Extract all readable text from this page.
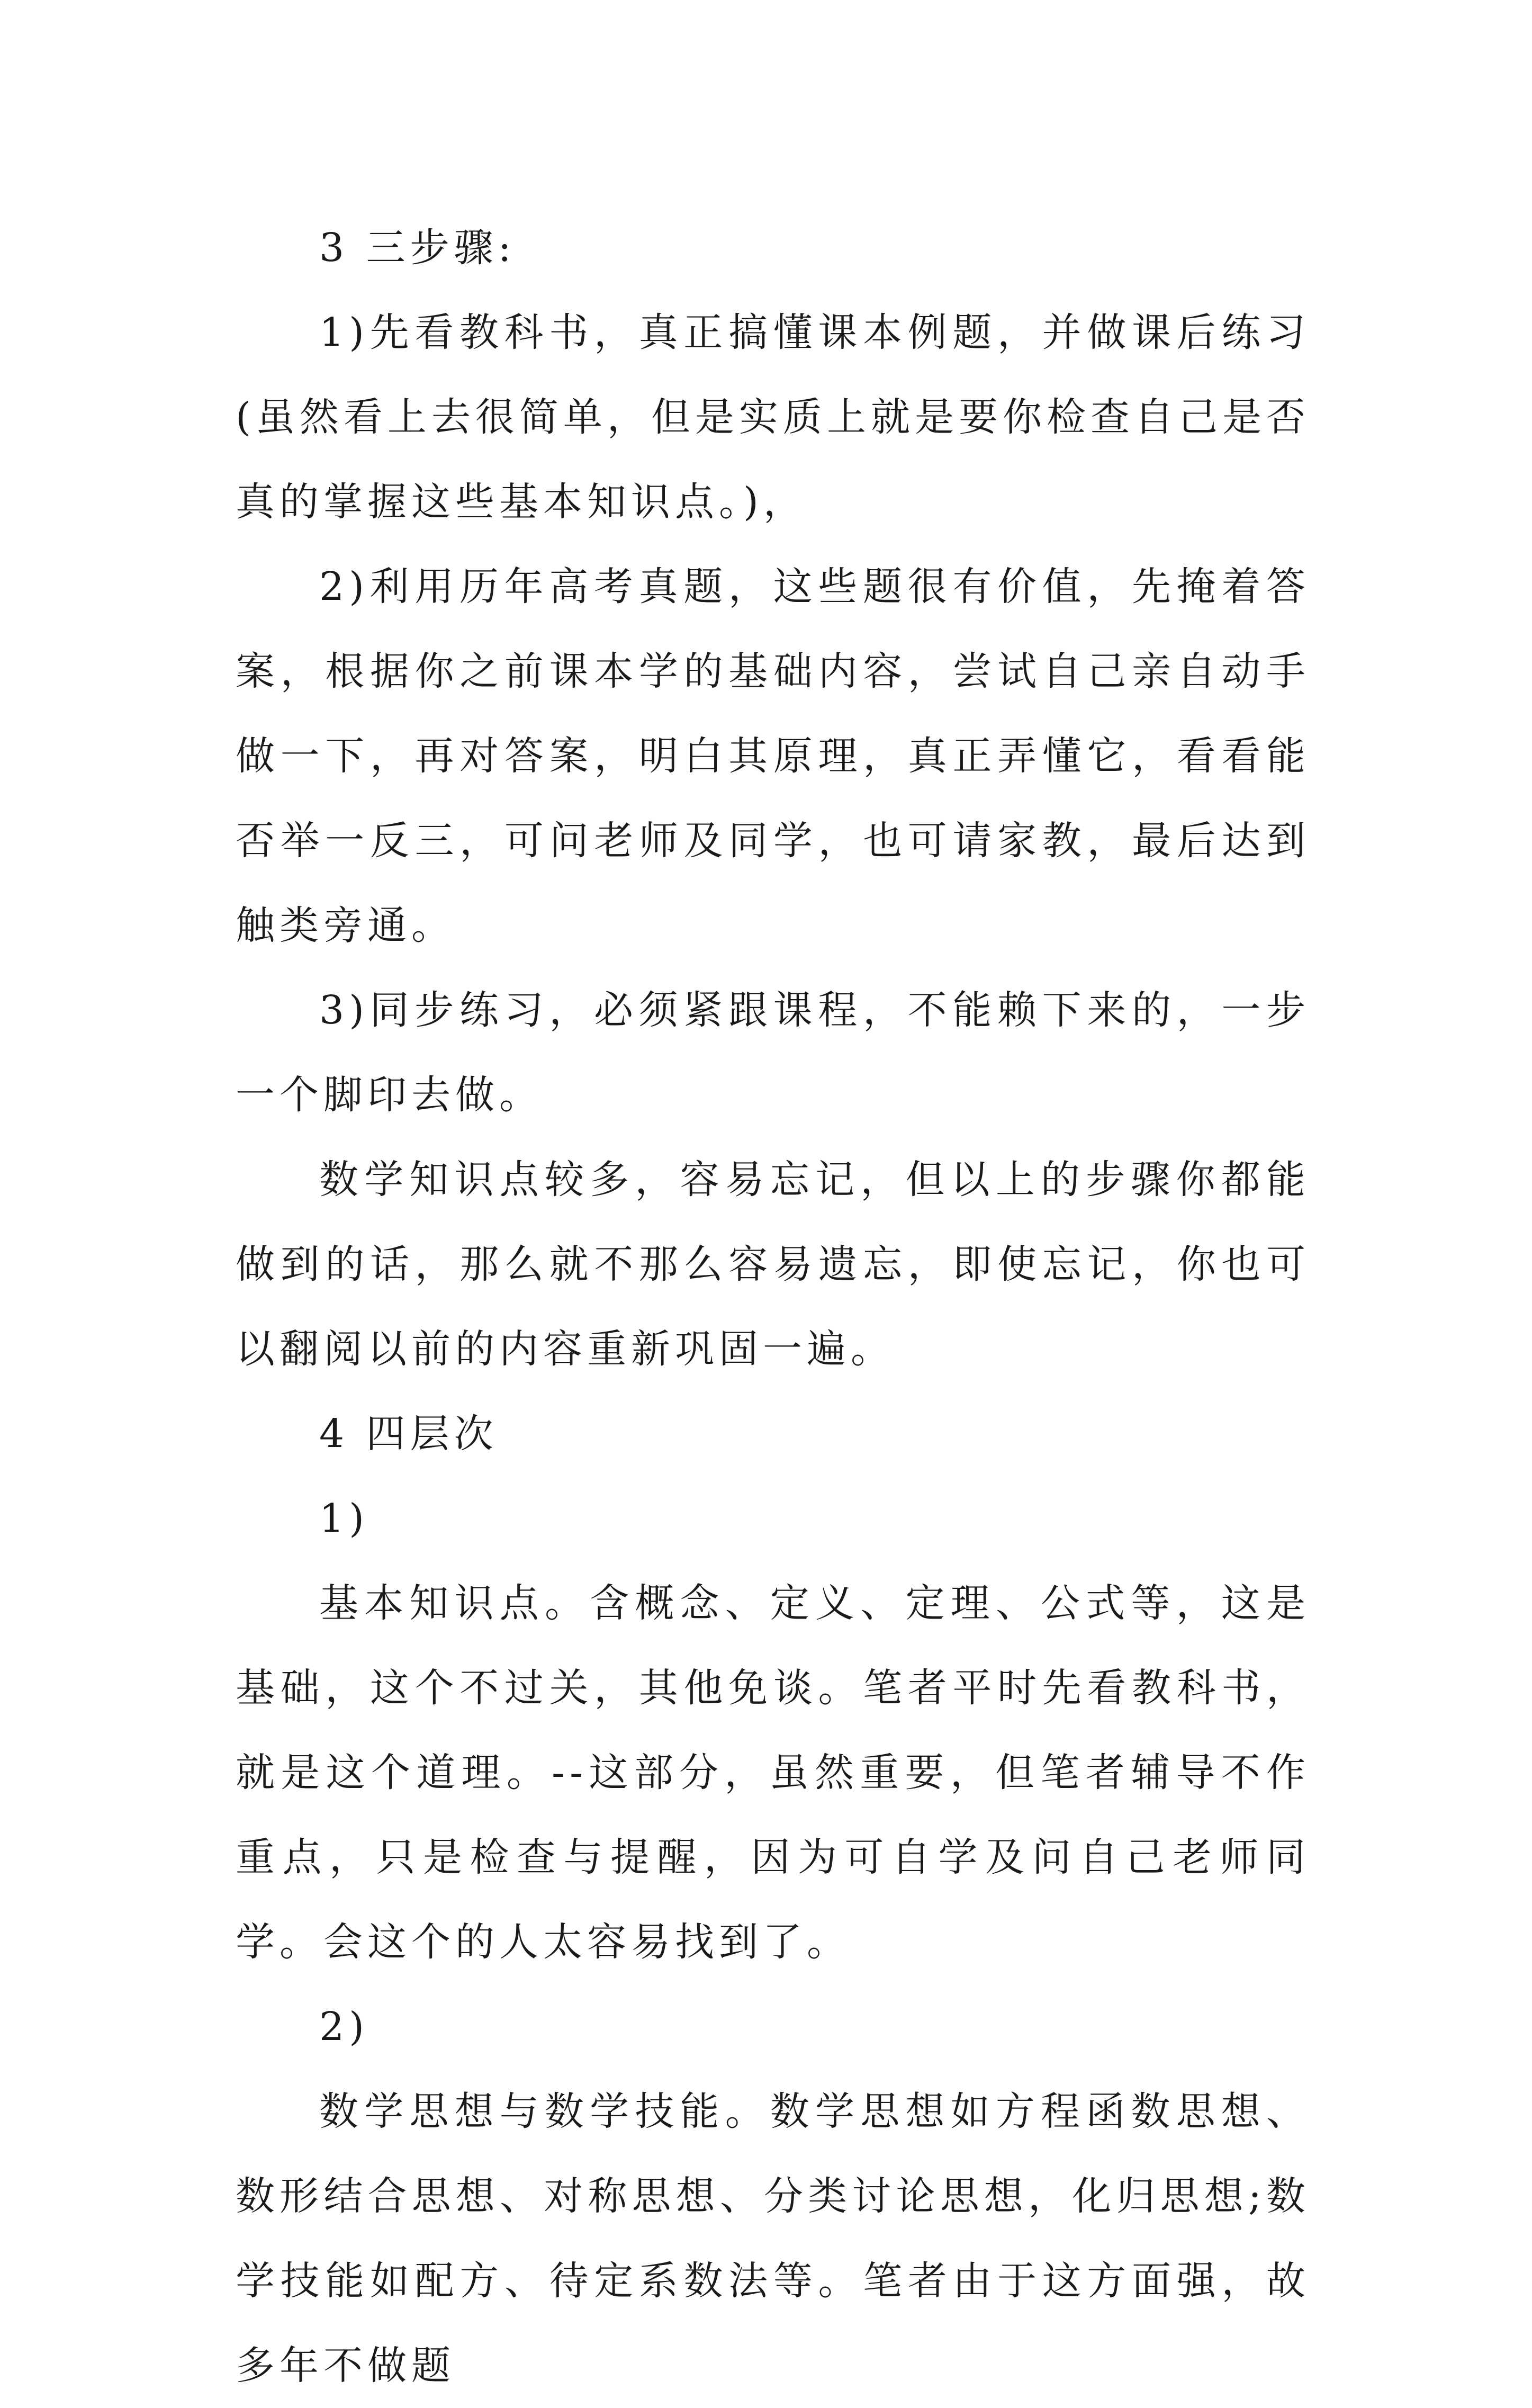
3 三步骤:

1)先看教科书，真正搞懂课本例题，并做课后练习(虽然看上去很简单，但是实质上就是要你检查自己是否真的掌握这些基本知识点。)，

2)利用历年高考真题，这些题很有价值，先掩着答案，根据你之前课本学的基础内容，尝试自己亲自动手做一下，再对答案，明白其原理，真正弄懂它，看看能否举一反三，可问老师及同学，也可请家教，最后达到触类旁通。

3)同步练习，必须紧跟课程，不能赖下来的，一步一个脚印去做。

数学知识点较多，容易忘记，但以上的步骤你都能做到的话，那么就不那么容易遗忘，即使忘记，你也可以翻阅以前的内容重新巩固一遍。

4 四层次

1)

基本知识点。含概念、定义、定理、公式等，这是基础，这个不过关，其他免谈。笔者平时先看教科书，就是这个道理。--这部分，虽然重要，但笔者辅导不作重点，只是检查与提醒，因为可自学及问自己老师同学。会这个的人太容易找到了。

2)

数学思想与数学技能。数学思想如方程函数思想、数形结合思想、对称思想、分类讨论思想，化归思想;数学技能如配方、待定系数法等。笔者由于这方面强，故多年不做题
